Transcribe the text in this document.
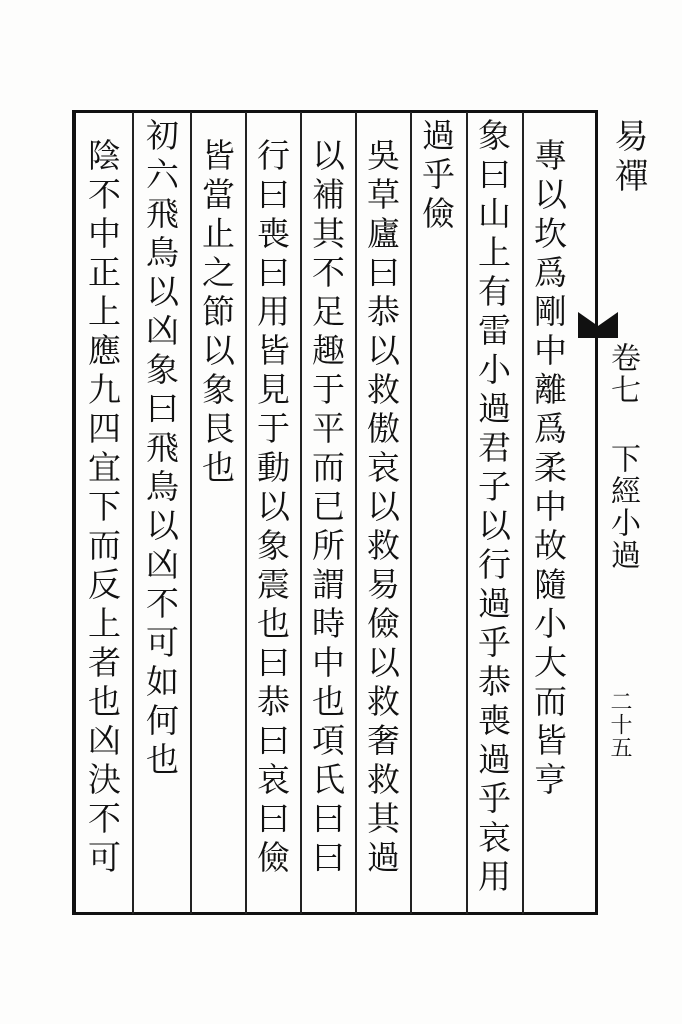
易禪
卷七 下經小過
二十五
專以坎爲剛中離爲柔中故隨小大而皆亨
象曰山上有雷小過君子以行過乎恭喪過乎哀用
過乎儉
吳草廬曰恭以救傲哀以救易儉以救奢救其過
以補其不足趣于平而已所謂時中也項氏曰曰
行曰喪曰用皆見于動以象震也曰恭曰哀曰儉
皆當止之節以象艮也
初六飛鳥以凶象曰飛鳥以凶不可如何也
陰不中正上應九四宜下而反上者也凶決不可
